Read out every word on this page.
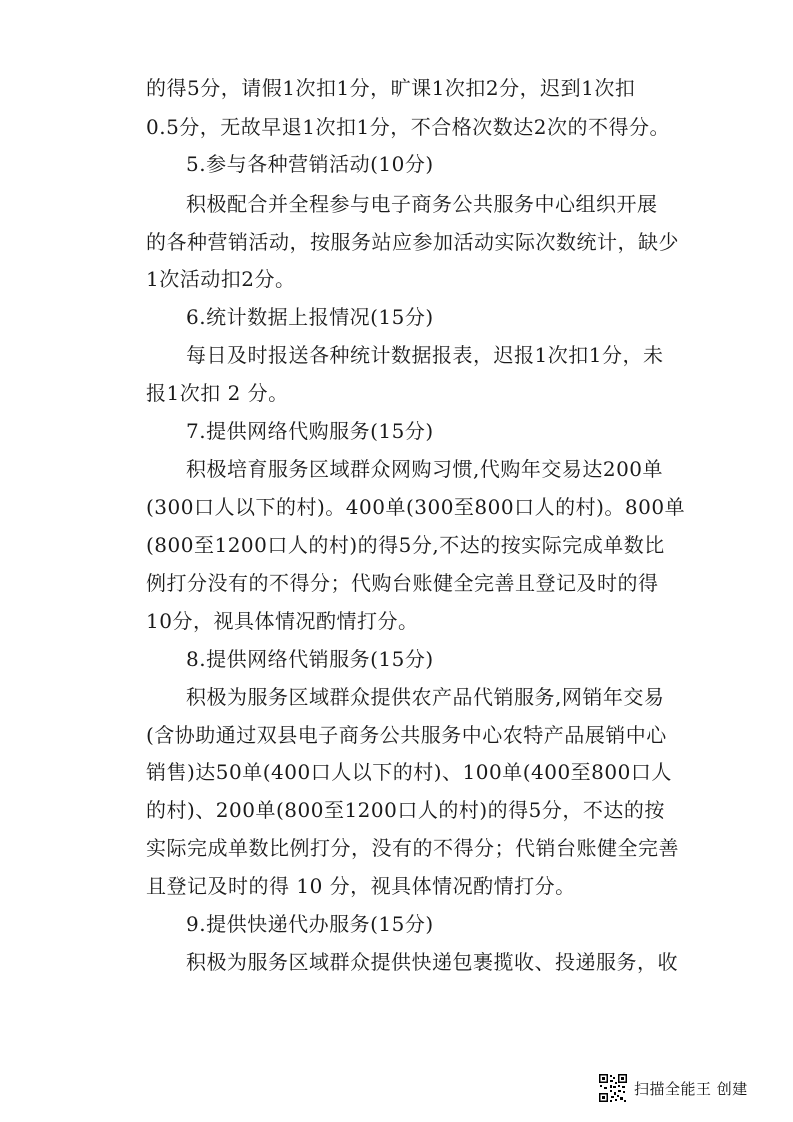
的得5分，请假1次扣1分，旷课1次扣2分，迟到1次扣
0.5分，无故早退1次扣1分，不合格次数达2次的不得分。
5.参与各种营销活动(10分)
积极配合并全程参与电子商务公共服务中心组织开展
的各种营销活动，按服务站应参加活动实际次数统计，缺少
1次活动扣2分。
6.统计数据上报情况(15分)
每日及时报送各种统计数据报表，迟报1次扣1分，未
报1次扣 2 分。
7.提供网络代购服务(15分)
积极培育服务区域群众网购习惯,代购年交易达200单
(300口人以下的村)。400单(300至800口人的村)。800单
(800至1200口人的村)的得5分,不达的按实际完成单数比
例打分没有的不得分；代购台账健全完善且登记及时的得
10分，视具体情况酌情打分。
8.提供网络代销服务(15分)
积极为服务区域群众提供农产品代销服务,网销年交易
(含协助通过双县电子商务公共服务中心农特产品展销中心
销售)达50单(400口人以下的村)、100单(400至800口人
的村)、200单(800至1200口人的村)的得5分，不达的按
实际完成单数比例打分，没有的不得分；代销台账健全完善
且登记及时的得 10 分，视具体情况酌情打分。
9.提供快递代办服务(15分)
积极为服务区域群众提供快递包裹揽收、投递服务，收
扫描全能王 创建
